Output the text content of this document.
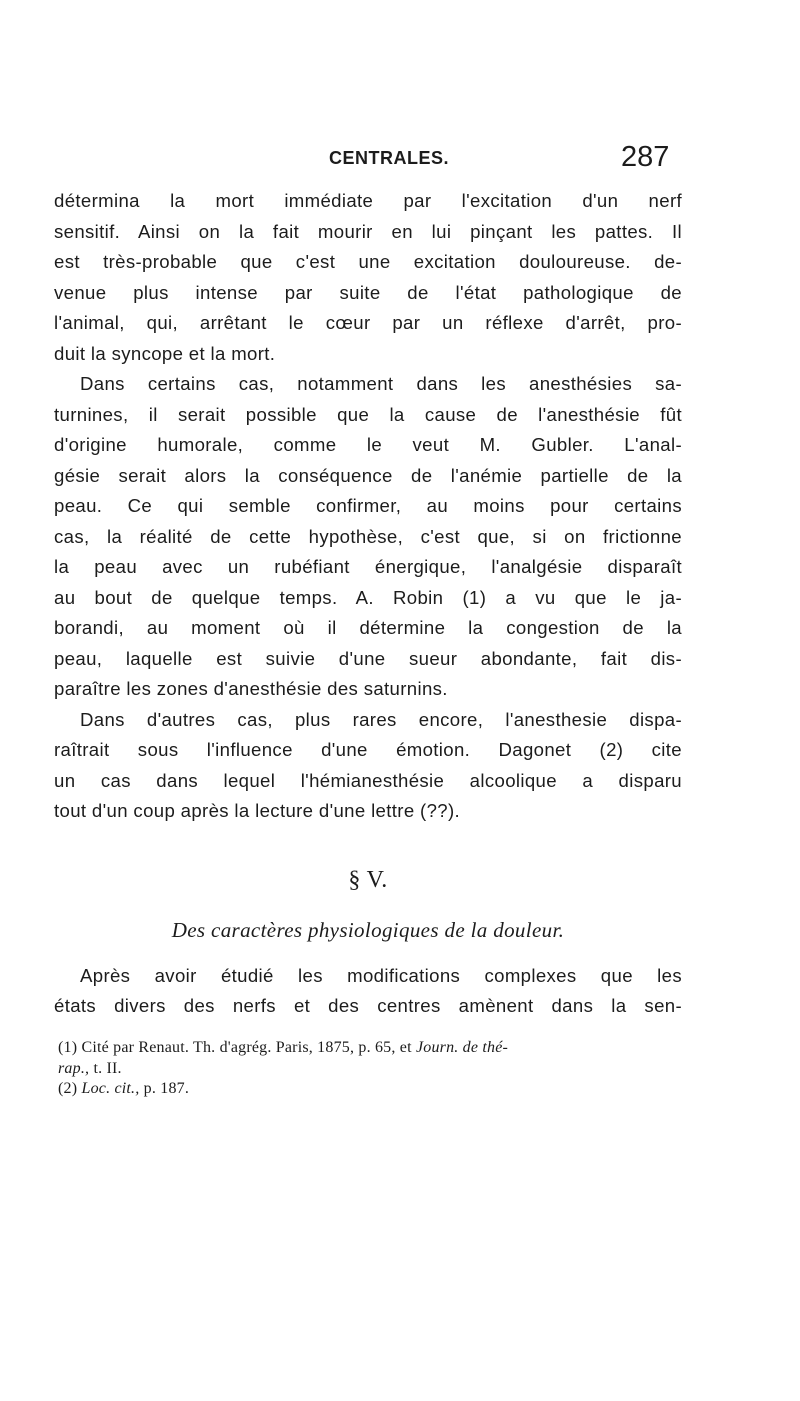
CENTRALES.	287
détermina la mort immédiate par l'excitation d'un nerf
sensitif. Ainsi on la fait mourir en lui pinçant les pattes. Il
est très-probable que c'est une excitation douloureuse. de-
venue plus intense par suite de l'état pathologique de
l'animal, qui, arrêtant le cœur par un réflexe d'arrêt, pro-
duit la syncope et la mort.
Dans certains cas, notamment dans les anesthésies sa-
turnines, il serait possible que la cause de l'anesthésie fût
d'origine humorale, comme le veut M. Gubler. L'anal-
gésie serait alors la conséquence de l'anémie partielle de la
peau. Ce qui semble confirmer, au moins pour certains
cas, la réalité de cette hypothèse, c'est que, si on frictionne
la peau avec un rubéfiant énergique, l'analgésie disparaît
au bout de quelque temps. A. Robin (1) a vu que le ja-
borandi, au moment où il détermine la congestion de la
peau, laquelle est suivie d'une sueur abondante, fait dis-
paraître les zones d'anesthésie des saturnins.
Dans d'autres cas, plus rares encore, l'anesthesie dispa-
raîtrait sous l'influence d'une émotion. Dagonet (2) cite
un cas dans lequel l'hémianesthésie alcoolique a disparu
tout d'un coup après la lecture d'une lettre (??).
§ V.
Des caractères physiologiques de la douleur.
Après avoir étudié les modifications complexes que les
états divers des nerfs et des centres amènent dans la sen-

(1) Cité par Renaut. Th. d'agrég. Paris, 1875, p. 65, et Journ. de thé-
rap., t. II.

(2) Loc. cit., p. 187.
